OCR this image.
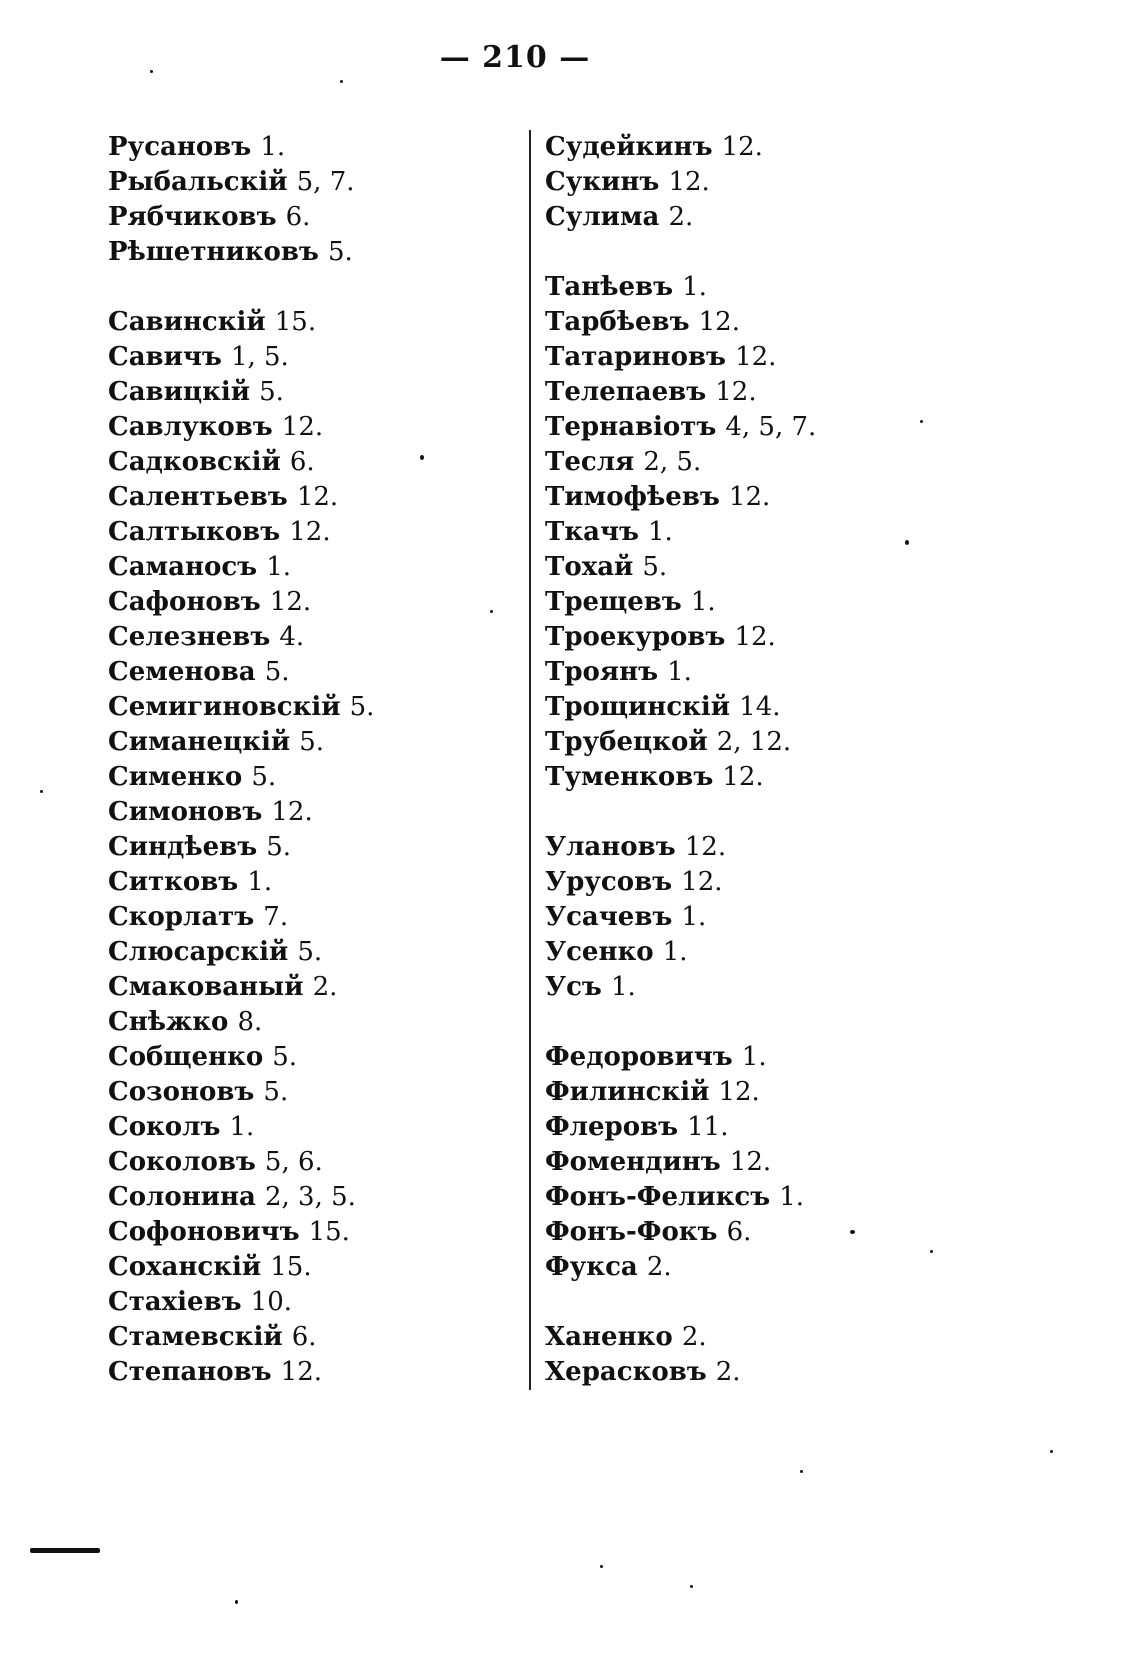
— 210 —
Русановъ 1.
Рыбальскій 5, 7.
Рябчиковъ 6.
Рѣшетниковъ 5.
Савинскій 15.
Савичъ 1, 5.
Савицкій 5.
Савлуковъ 12.
Садковскій 6.
Салентьевъ 12.
Салтыковъ 12.
Саманосъ 1.
Сафоновъ 12.
Селезневъ 4.
Семенова 5.
Семигиновскій 5.
Симанецкій 5.
Сименко 5.
Симоновъ 12.
Синдѣевъ 5.
Ситковъ 1.
Скорлатъ 7.
Слюсарскій 5.
Смакованый 2.
Снѣжко 8.
Собщенко 5.
Созоновъ 5.
Соколъ 1.
Соколовъ 5, 6.
Солонина 2, 3, 5.
Софоновичъ 15.
Соханскій 15.
Стахіевъ 10.
Стамевскій 6.
Степановъ 12.
Судейкинъ 12.
Сукинъ 12.
Сулима 2.
Танѣевъ 1.
Тарбѣевъ 12.
Татариновъ 12.
Телепаевъ 12.
Тернавіотъ 4, 5, 7.
Тесля 2, 5.
Тимофѣевъ 12.
Ткачъ 1.
Тохай 5.
Трещевъ 1.
Троекуровъ 12.
Троянъ 1.
Трощинскій 14.
Трубецкой 2, 12.
Туменковъ 12.
Улановъ 12.
Урусовъ 12.
Усачевъ 1.
Усенко 1.
Усъ 1.
Федоровичъ 1.
Филинскій 12.
Флеровъ 11.
Фомендинъ 12.
Фонъ-Феликсъ 1.
Фонъ-Фокъ 6.
Фукса 2.
Ханенко 2.
Херасковъ 2.
